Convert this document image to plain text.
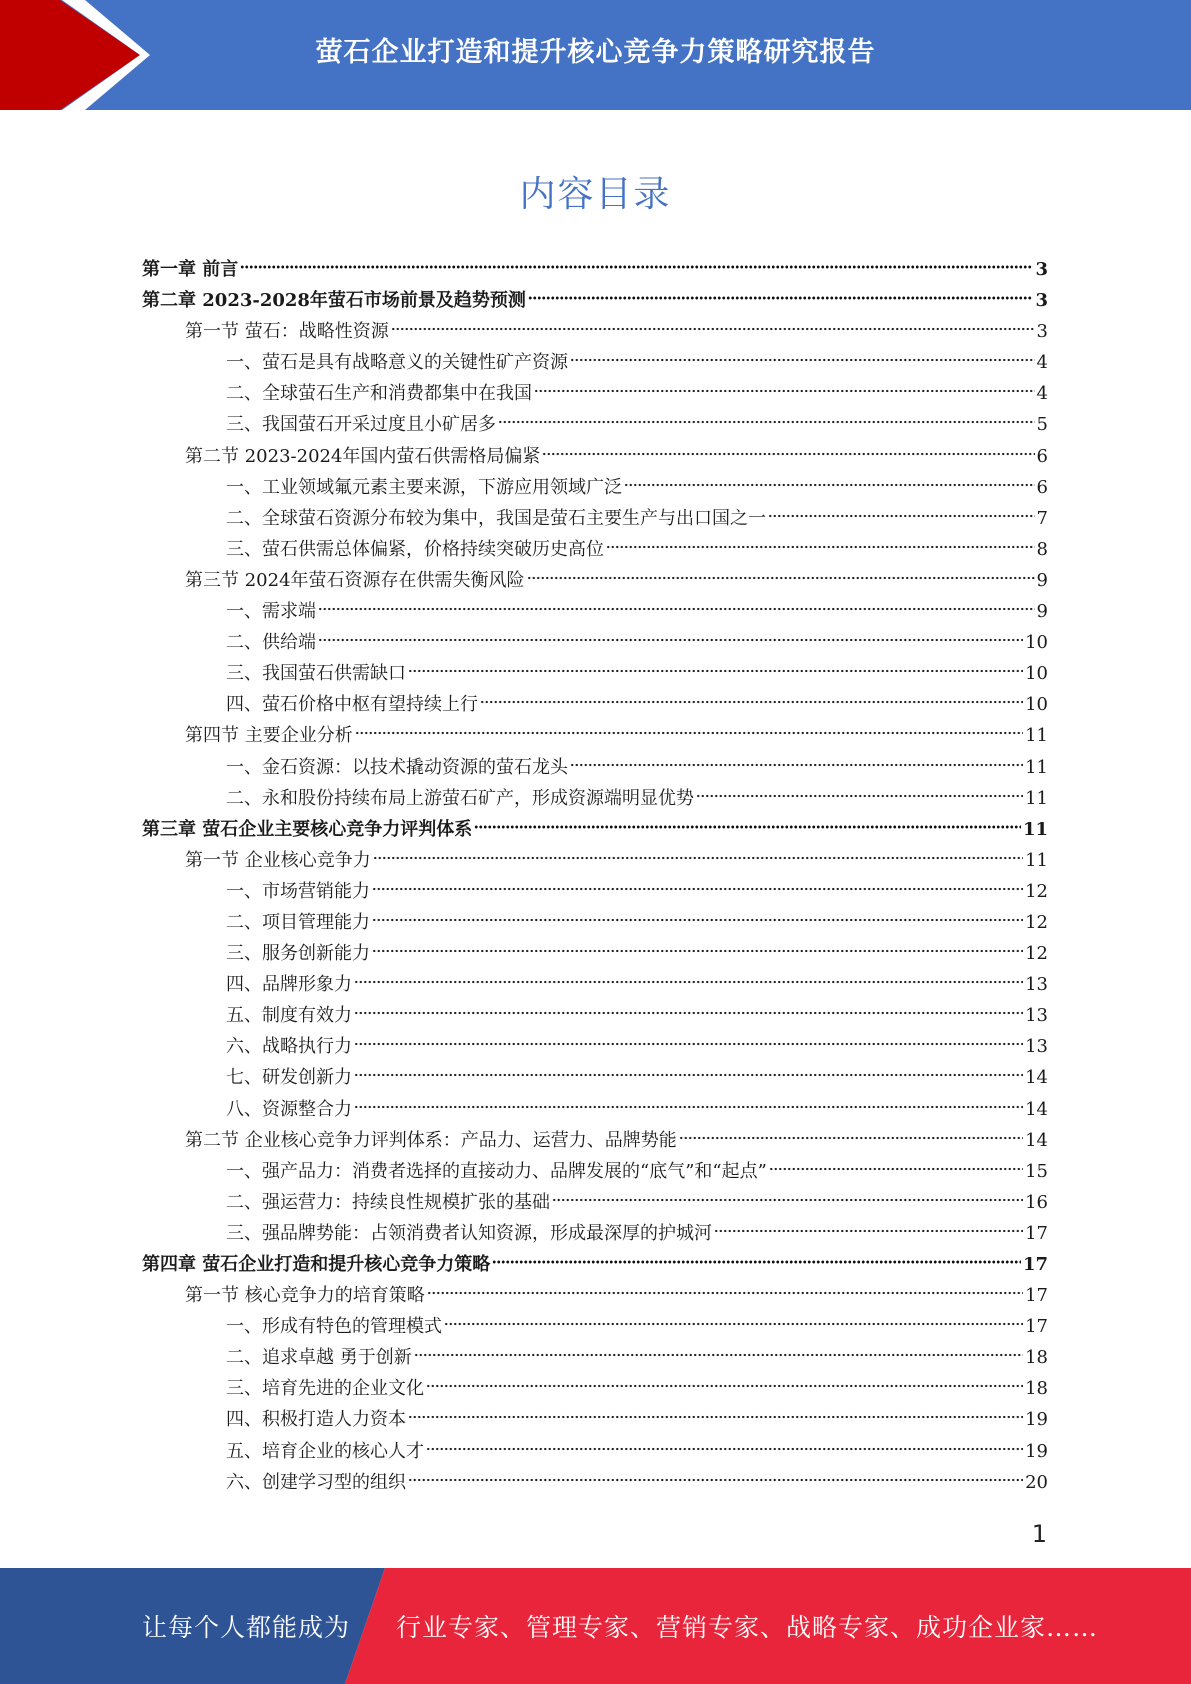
萤石企业打造和提升核心竞争力策略研究报告
内容目录
第一章 前言	3
第二章 2023-2028年萤石市场前景及趋势预测	3
第一节 萤石：战略性资源	3
一、萤石是具有战略意义的关键性矿产资源	4
二、全球萤石生产和消费都集中在我国	4
三、我国萤石开采过度且小矿居多	5
第二节 2023-2024年国内萤石供需格局偏紧	6
一、工业领域氟元素主要来源，下游应用领域广泛	6
二、全球萤石资源分布较为集中，我国是萤石主要生产与出口国之一	7
三、萤石供需总体偏紧，价格持续突破历史高位	8
第三节 2024年萤石资源存在供需失衡风险	9
一、需求端	9
二、供给端	10
三、我国萤石供需缺口	10
四、萤石价格中枢有望持续上行	10
第四节 主要企业分析	11
一、金石资源：以技术撬动资源的萤石龙头	11
二、永和股份持续布局上游萤石矿产，形成资源端明显优势	11
第三章 萤石企业主要核心竞争力评判体系	11
第一节 企业核心竞争力	11
一、市场营销能力	12
二、项目管理能力	12
三、服务创新能力	12
四、品牌形象力	13
五、制度有效力	13
六、战略执行力	13
七、研发创新力	14
八、资源整合力	14
第二节 企业核心竞争力评判体系：产品力、运营力、品牌势能	14
一、强产品力：消费者选择的直接动力、品牌发展的“底气”和“起点”	15
二、强运营力：持续良性规模扩张的基础	16
三、强品牌势能：占领消费者认知资源，形成最深厚的护城河	17
第四章 萤石企业打造和提升核心竞争力策略	17
第一节 核心竞争力的培育策略	17
一、形成有特色的管理模式	17
二、追求卓越 勇于创新	18
三、培育先进的企业文化	18
四、积极打造人力资本	19
五、培育企业的核心人才	19
六、创建学习型的组织	20
1
让每个人都能成为 行业专家、管理专家、营销专家、战略专家、成功企业家……
